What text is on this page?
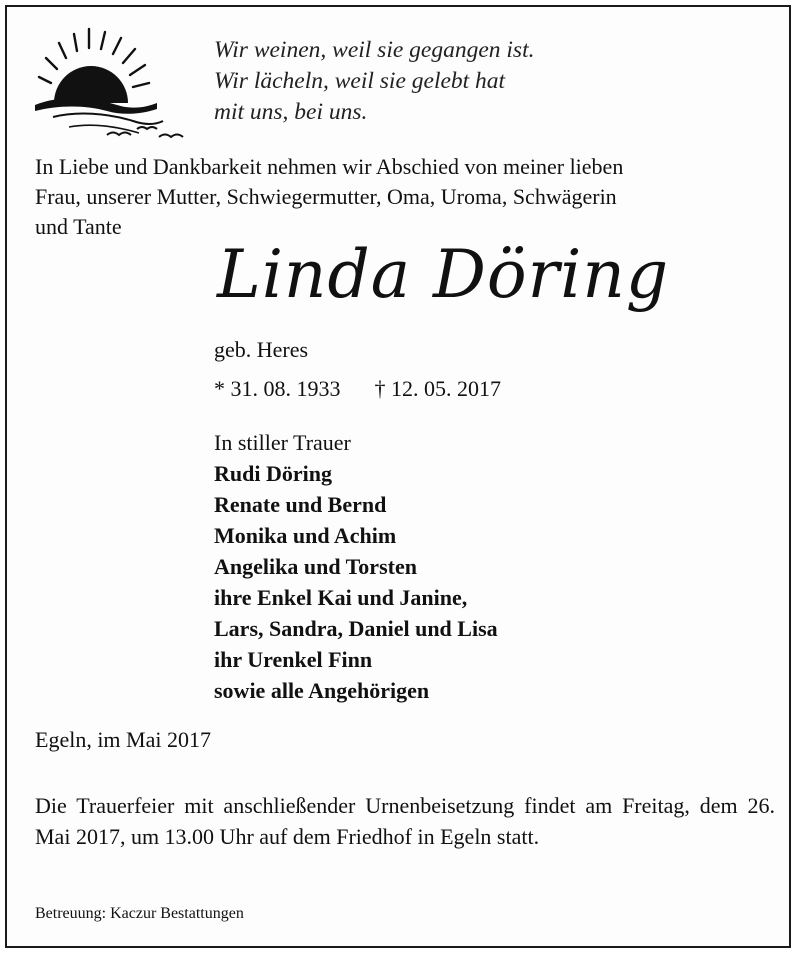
Wir weinen, weil sie gegangen ist.
Wir lächeln, weil sie gelebt hat
mit uns, bei uns.
In Liebe und Dankbarkeit nehmen wir Abschied von meiner lieben
Frau, unserer Mutter, Schwiegermutter, Oma, Uroma, Schwägerin
und Tante
Linda Döring
geb. Heres
* 31. 08. 1933 † 12. 05. 2017
In stiller Trauer
Rudi Döring
Renate und Bernd
Monika und Achim
Angelika und Torsten
ihre Enkel Kai und Janine,
Lars, Sandra, Daniel und Lisa
ihr Urenkel Finn
sowie alle Angehörigen
Egeln, im Mai 2017
Die Trauerfeier mit anschließender Urnenbeisetzung findet am Freitag, dem 26. Mai 2017, um 13.00 Uhr auf dem Friedhof in Egeln statt.
Betreuung: Kaczur Bestattungen
